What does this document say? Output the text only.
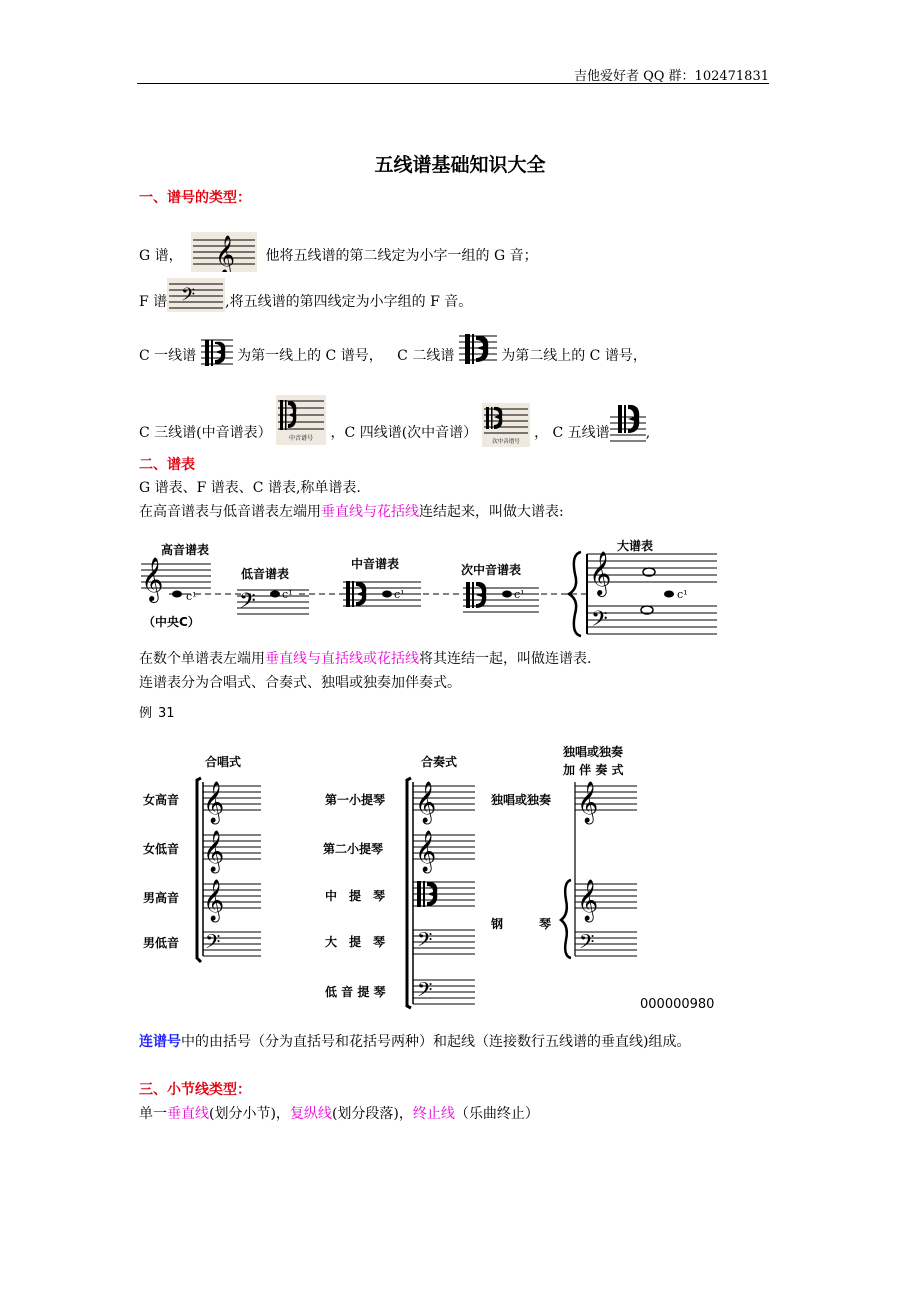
吉他爱好者 QQ 群：102471831
五线谱基础知识大全
一、谱号的类型：
G 谱， 𝄞 他将五线谱的第二线定为小字一组的 G 音；
F 谱 𝄢 ,将五线谱的第四线定为小字组的 F 音。
C 一线谱	为第一线上的 C 谱号， C 二线谱	为第二线上的 C 谱号，
C 三线谱(中音谱表）	中音谱号 ，C 四线谱(次中音谱）
次中音谱号
， C 五线谱	,
二、谱表
G 谱表、F 谱表、C 谱表,称单谱表.
在高音谱表与低音谱表左端用垂直线与花括线连结起来，叫做大谱表:
𝄞 c¹
高音谱表
（中央C）
低音谱表
𝄢 c¹
中音谱表
c¹
次中音谱表
c¹
大谱表
𝄞
𝄢
c¹
在数个单谱表左端用垂直线与直括线或花括线将其连结一起，叫做连谱表.
连谱表分为合唱式、合奏式、独唱或独奏加伴奏式。
例 31
合唱式
女高音
女低音
男高音
男低音
𝄞
𝄞
𝄞
𝄢
合奏式
第一小提琴
第二小提琴
中　提　琴
大　提　琴
低 音 提 琴
𝄞
𝄞
𝄢
𝄢
独唱或独奏
加 伴 奏 式
独唱或独奏
钢　　　琴
𝄞
𝄞
𝄢
000000980
连谱号中的由括号（分为直括号和花括号两种）和起线（连接数行五线谱的垂直线)组成。
三、小节线类型：
单一垂直线(划分小节)，复纵线(划分段落)，终止线（乐曲终止）
